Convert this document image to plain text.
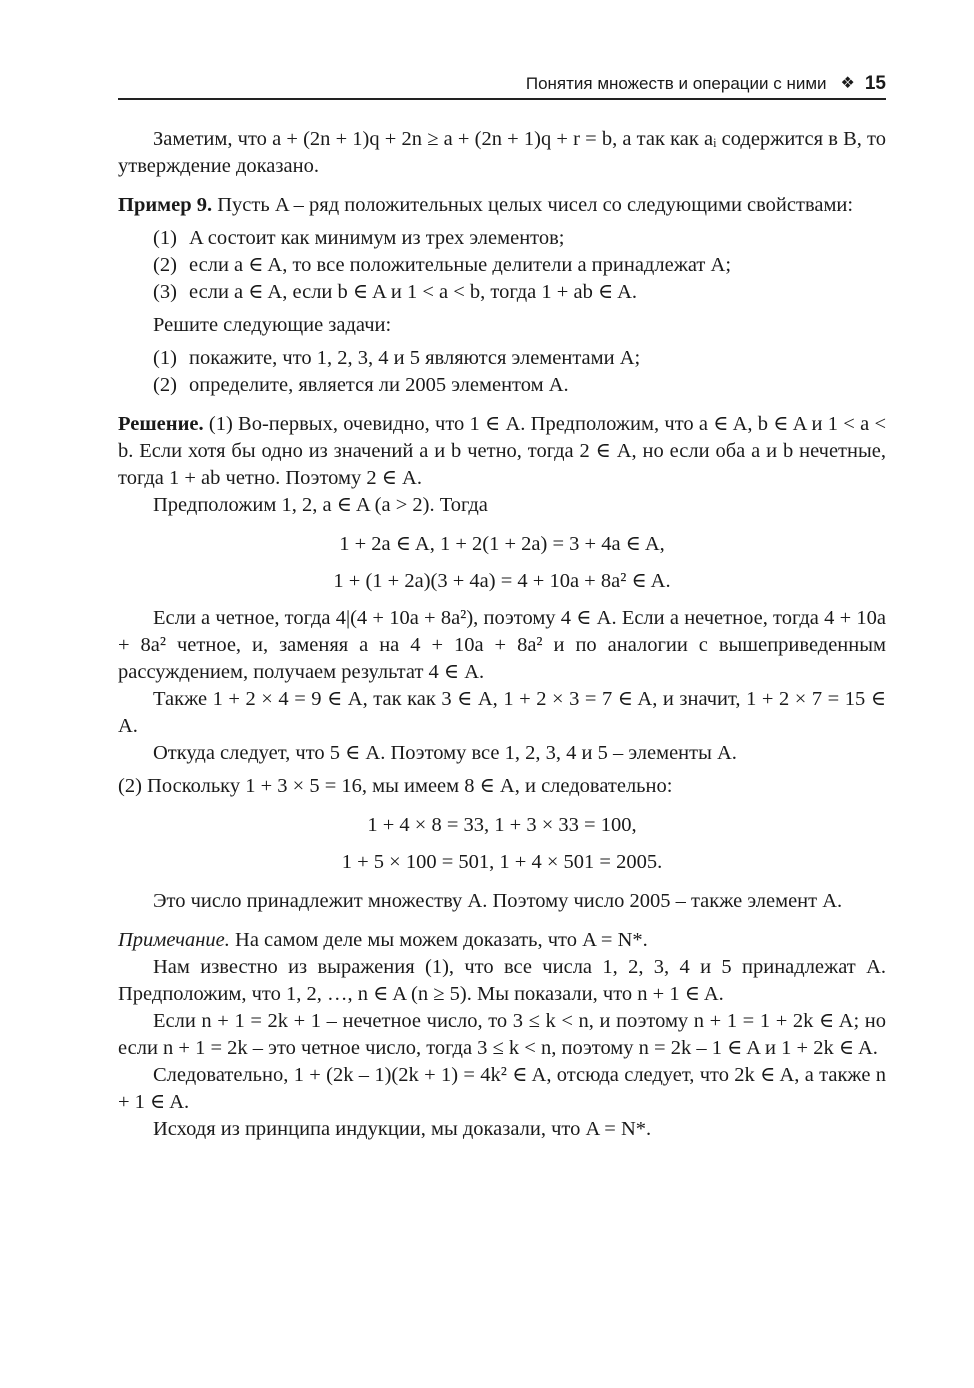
Понятия множеств и операции с ними ❖ 15

Заметим, что a + (2n + 1)q + 2n ≥ a + (2n + 1)q + r = b, а так как aᵢ содержится в B, то утверждение доказано.

Пример 9. Пусть A – ряд положительных целых чисел со следующими свойствами:

(1) A состоит как минимум из трех элементов;
(2) если a ∈ A, то все положительные делители a принадлежат A;
(3) если a ∈ A, если b ∈ A и 1 < a < b, тогда 1 + ab ∈ A.

Решите следующие задачи:

(1) покажите, что 1, 2, 3, 4 и 5 являются элементами A;
(2) определите, является ли 2005 элементом A.

Решение. (1) Во-первых, очевидно, что 1 ∈ A. Предположим, что a ∈ A, b ∈ A и 1 < a < b. Если хотя бы одно из значений a и b четно, тогда 2 ∈ A, но если оба a и b нечетные, тогда 1 + ab четно. Поэтому 2 ∈ A.

Предположим 1, 2, a ∈ A (a > 2). Тогда

1 + 2a ∈ A, 1 + 2(1 + 2a) = 3 + 4a ∈ A,

1 + (1 + 2a)(3 + 4a) = 4 + 10a + 8a² ∈ A.

Если a четное, тогда 4|(4 + 10a + 8a²), поэтому 4 ∈ A. Если a нечетное, тогда 4 + 10a + 8a² четное, и, заменяя a на 4 + 10a + 8a² и по аналогии с вышеприведенным рассуждением, получаем результат 4 ∈ A.

Также 1 + 2 × 4 = 9 ∈ A, так как 3 ∈ A, 1 + 2 × 3 = 7 ∈ A, и значит, 1 + 2 × 7 = 15 ∈ A.

Откуда следует, что 5 ∈ A. Поэтому все 1, 2, 3, 4 и 5 – элементы A.

(2) Поскольку 1 + 3 × 5 = 16, мы имеем 8 ∈ A, и следовательно:

1 + 4 × 8 = 33, 1 + 3 × 33 = 100,

1 + 5 × 100 = 501, 1 + 4 × 501 = 2005.

Это число принадлежит множеству A. Поэтому число 2005 – также элемент A.

Примечание. На самом деле мы можем доказать, что A = N*.

Нам известно из выражения (1), что все числа 1, 2, 3, 4 и 5 принадлежат A. Предположим, что 1, 2, …, n ∈ A (n ≥ 5). Мы показали, что n + 1 ∈ A.

Если n + 1 = 2k + 1 – нечетное число, то 3 ≤ k < n, и поэтому n + 1 = 1 + 2k ∈ A; но если n + 1 = 2k – это четное число, тогда 3 ≤ k < n, поэтому n = 2k – 1 ∈ A и 1 + 2k ∈ A.

Следовательно, 1 + (2k – 1)(2k + 1) = 4k² ∈ A, отсюда следует, что 2k ∈ A, а также n + 1 ∈ A.

Исходя из принципа индукции, мы доказали, что A = N*.
